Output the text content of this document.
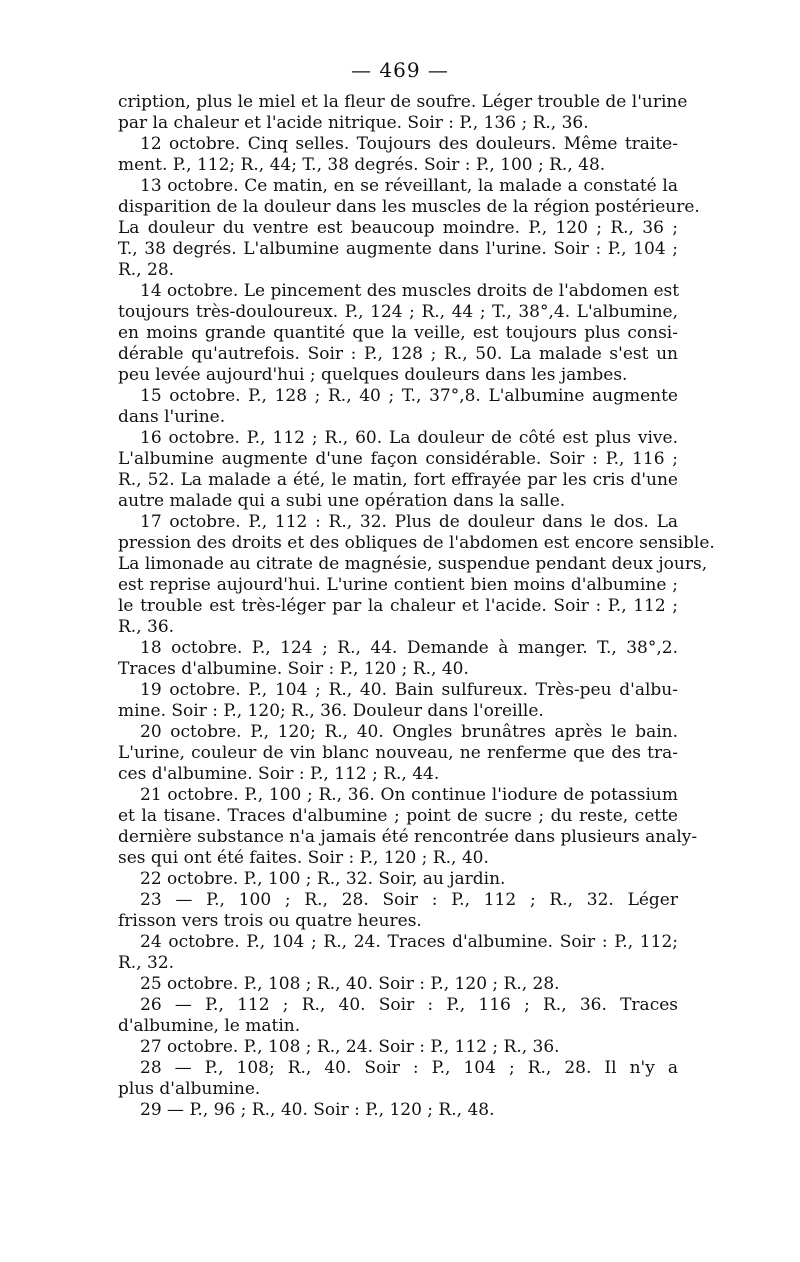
— 469 —
cription, plus le miel et la fleur de soufre. Léger trouble de l'urine
par la chaleur et l'acide nitrique. Soir : P., 136 ; R., 36.
12 octobre. Cinq selles. Toujours des douleurs. Même traite-
ment. P., 112; R., 44; T., 38 degrés. Soir : P., 100 ; R., 48.
13 octobre. Ce matin, en se réveillant, la malade a constaté la
disparition de la douleur dans les muscles de la région postérieure.
La douleur du ventre est beaucoup moindre. P., 120 ; R., 36 ;
T., 38 degrés. L'albumine augmente dans l'urine. Soir : P., 104 ;
R., 28.
14 octobre. Le pincement des muscles droits de l'abdomen est
toujours très-douloureux. P., 124 ; R., 44 ; T., 38°,4. L'albumine,
en moins grande quantité que la veille, est toujours plus consi-
dérable qu'autrefois. Soir : P., 128 ; R., 50. La malade s'est un
peu levée aujourd'hui ; quelques douleurs dans les jambes.
15 octobre. P., 128 ; R., 40 ; T., 37°,8. L'albumine augmente
dans l'urine.
16 octobre. P., 112 ; R., 60. La douleur de côté est plus vive.
L'albumine augmente d'une façon considérable. Soir : P., 116 ;
R., 52. La malade a été, le matin, fort effrayée par les cris d'une
autre malade qui a subi une opération dans la salle.
17 octobre. P., 112 : R., 32. Plus de douleur dans le dos. La
pression des droits et des obliques de l'abdomen est encore sensible.
La limonade au citrate de magnésie, suspendue pendant deux jours,
est reprise aujourd'hui. L'urine contient bien moins d'albumine ;
le trouble est très-léger par la chaleur et l'acide. Soir : P., 112 ;
R., 36.
18 octobre. P., 124 ; R., 44. Demande à manger. T., 38°,2.
Traces d'albumine. Soir : P., 120 ; R., 40.
19 octobre. P., 104 ; R., 40. Bain sulfureux. Très-peu d'albu-
mine. Soir : P., 120; R., 36. Douleur dans l'oreille.
20 octobre. P., 120; R., 40. Ongles brunâtres après le bain.
L'urine, couleur de vin blanc nouveau, ne renferme que des tra-
ces d'albumine. Soir : P., 112 ; R., 44.
21 octobre. P., 100 ; R., 36. On continue l'iodure de potassium
et la tisane. Traces d'albumine ; point de sucre ; du reste, cette
dernière substance n'a jamais été rencontrée dans plusieurs analy-
ses qui ont été faites. Soir : P., 120 ; R., 40.
22 octobre. P., 100 ; R., 32. Soir, au jardin.
23 — P., 100 ; R., 28. Soir : P., 112 ; R., 32. Léger
frisson vers trois ou quatre heures.
24 octobre. P., 104 ; R., 24. Traces d'albumine. Soir : P., 112;
R., 32.
25 octobre. P., 108 ; R., 40. Soir : P., 120 ; R., 28.
26 — P., 112 ; R., 40. Soir : P., 116 ; R., 36. Traces
d'albumine, le matin.
27 octobre. P., 108 ; R., 24. Soir : P., 112 ; R., 36.
28 — P., 108; R., 40. Soir : P., 104 ; R., 28. Il n'y a
plus d'albumine.
29 — P., 96 ; R., 40. Soir : P., 120 ; R., 48.
